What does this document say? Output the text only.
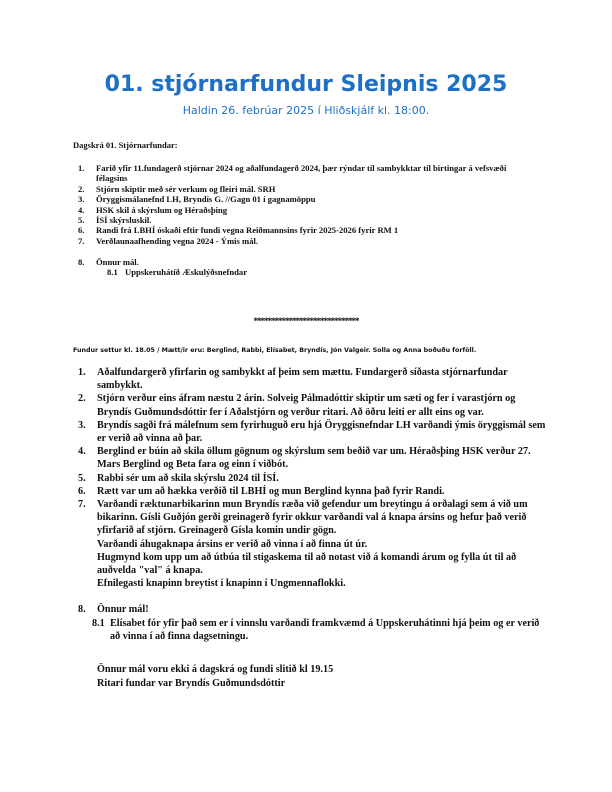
01. stjórnarfundur Sleipnis 2025
Haldin 26. febrúar 2025 í Hliðskjálf kl. 18:00.
Dagskrá 01. Stjórnarfundar:
1.	Farið yfir 11.fundagerð stjórnar 2024 og aðalfundagerð 2024, þær rýndar til sambykktar til birtingar á vefsvæði félagsins
2.	Stjórn skiptir með sér verkum og fleiri mál. SRH
3.	Öryggismálanefnd LH, Bryndís G. //Gagn 01 í gagnamöppu
4.	HSK skil á skýrslum og Héraðsþing
5.	ÍSÍ skýrsluskil.
6.	Randi frá LBHÍ óskaði eftir fundi vegna Reiðmannsins fyrir 2025-2026 fyrir RM 1
7.	Verðlaunaafhending vegna 2024 - Ýmis mál.
8.	Önnur mál.
8.1 Uppskeruhátíð Æskulýðsnefndar
******************************
Fundur settur kl. 18.05 / Mætt/ir eru: Berglind, Rabbi, Elísabet, Bryndís, Jón Valgeir. Solla og Anna boðuðu forföll.
1.	Aðalfundargerð yfirfarin og sambykkt af þeim sem mættu. Fundargerð síðasta stjórnarfundar sambykkt.
2.	Stjórn verður eins áfram næstu 2 árin. Solveig Pálmadóttir skiptir um sæti og fer í varastjórn og Bryndís Guðmundsdóttir fer í Aðalstjórn og verður ritari. Að öðru leiti er allt eins og var.
3.	Bryndís sagði frá málefnum sem fyrirhuguð eru hjá Öryggisnefndar LH varðandi ýmis öryggismál sem er verið að vinna að þar.
4.	Berglind er búin að skila öllum gögnum og skýrslum sem beðið var um. Héraðsþing HSK verður 27. Mars Berglind og Beta fara og einn í viðbót.
5.	Rabbi sér um að skila skýrslu 2024 til ÍSÍ.
6.	Rætt var um að hækka verðið til LBHÍ og mun Berglind kynna það fyrir Randi.
7.	Varðandi ræktunarbikarinn mun Bryndís ræða við gefendur um breytingu á orðalagi sem á við um bikarinn. Gísli Guðjón gerði greinagerð fyrir okkur varðandi val á knapa ársins og hefur það verið yfirfarið af stjórn. Greinagerð Gísla komin undir gögn.
Varðandi áhugaknapa ársins er verið að vinna í að finna út úr.
Hugmynd kom upp um að útbúa til stigaskema til að notast við á komandi árum og fylla út til að auðvelda "val" á knapa.
Efnilegasti knapinn breytist í knapinn í Ungmennaflokki.
8.	Önnur mál!
8.1 Elísabet fór yfir það sem er í vinnslu varðandi framkvæmd á Uppskeruhátinni hjá þeim og er verið að vinna í að finna dagsetningu.
Önnur mál voru ekki á dagskrá og fundi slitið kl 19.15
Ritari fundar var Bryndís Guðmundsdóttir
